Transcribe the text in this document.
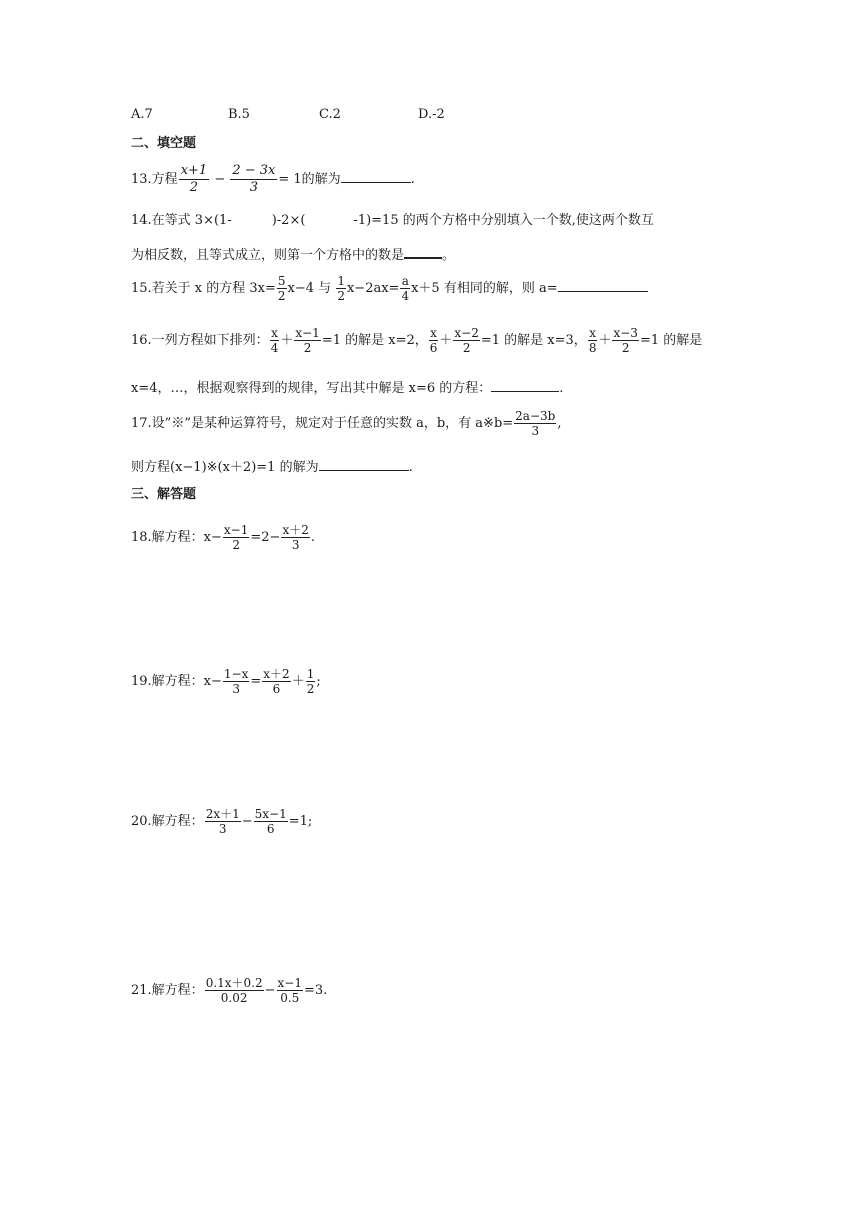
A.7	B.5	C.2	D.-2
二、填空题
13.方程 $\frac{x+1}{2} - \frac{2 - 3x}{3} = 1$的解为	.
14.在等式 3×(1-	)-2×(	-1)=15 的两个方格中分别填入一个数,使这两个数互
为相反数，且等式成立，则第一个方格中的数是	。
15.若关于 x 的方程 $3x= \frac{5}{2} x-4$ 与 $\frac{1}{2} x-2ax= \frac{a}{4} x+5$ 有相同的解，则 a=
16.一列方程如下排列： $\frac{x}{4} + \frac{x-1}{2} =1$ 的解是 x=2， $\frac{x}{6} + \frac{x-2}{2} =1$ 的解是 x=3， $\frac{x}{8} + \frac{x-3}{2} =1$ 的解是
x=4，…，根据观察得到的规律，写出其中解是 x=6 的方程：	.
17.设”※”是某种运算符号，规定对于任意的实数 a，b，有 a※b= $\frac{2a-3b}{3}$ ,
则方程(x−1)※(x＋2)=1 的解为	.
三、解答题
18.解方程：$x- \frac{x-1}{2} =2- \frac{x+2}{3}$ .
19.解方程：$x- \frac{1-x}{3} = \frac{x+2}{6} + \frac{1}{2}$ ;
20.解方程： $\frac{2x+1}{3} - \frac{5x-1}{6} =1$;
21.解方程： $\frac{0.1x+0.2}{0.02} - \frac{x-1}{0.5} =3$.
